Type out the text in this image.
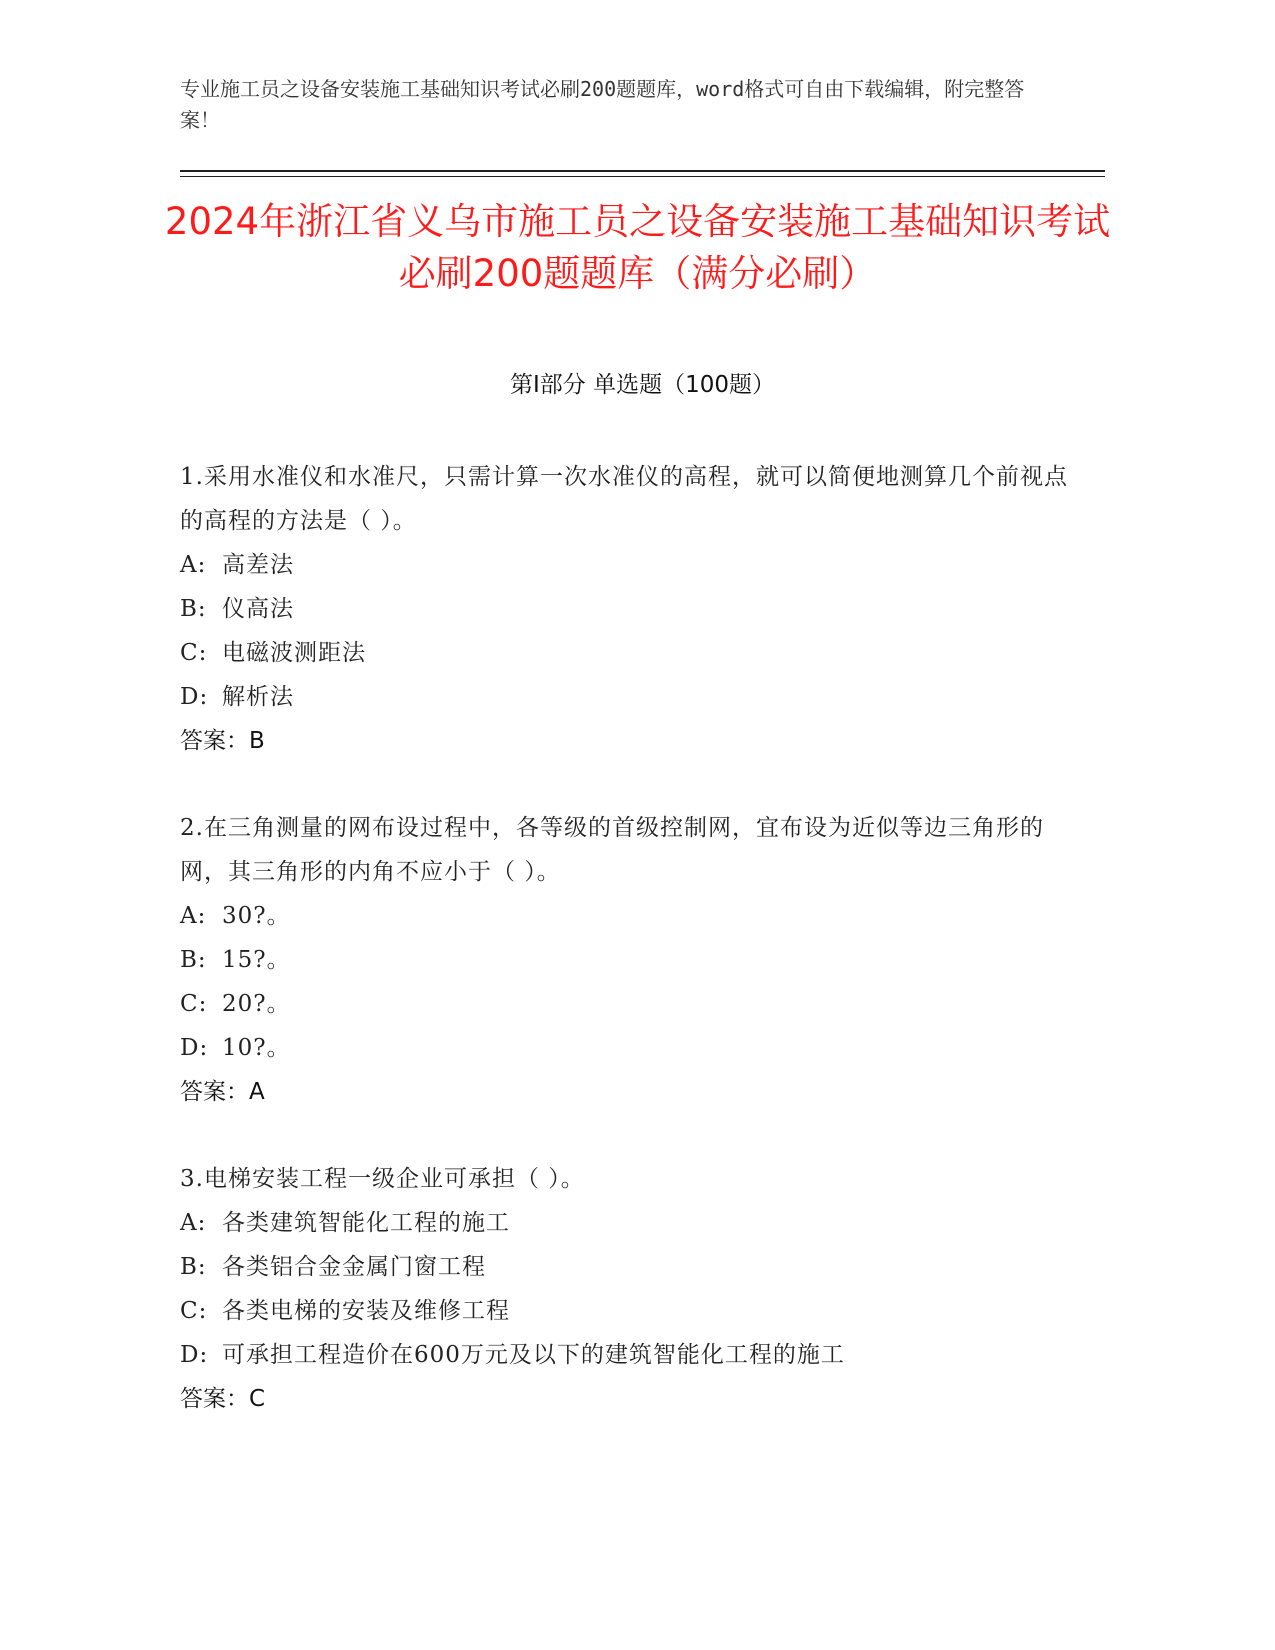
专业施工员之设备安装施工基础知识考试必刷200题题库，word格式可自由下载编辑，附完整答案！
2024年浙江省义乌市施工员之设备安装施工基础知识考试必刷200题题库（满分必刷）
第I部分 单选题（100题）
1.采用水准仪和水准尺，只需计算一次水准仪的高程，就可以简便地测算几个前视点的高程的方法是（ ）。
A: 高差法
B: 仪高法
C: 电磁波测距法
D: 解析法
答案：B
2.在三角测量的网布设过程中，各等级的首级控制网，宜布设为近似等边三角形的网，其三角形的内角不应小于（ ）。
A: 30?。
B: 15?。
C: 20?。
D: 10?。
答案：A
3.电梯安装工程一级企业可承担（ ）。
A: 各类建筑智能化工程的施工
B: 各类铝合金金属门窗工程
C: 各类电梯的安装及维修工程
D: 可承担工程造价在600万元及以下的建筑智能化工程的施工
答案：C
